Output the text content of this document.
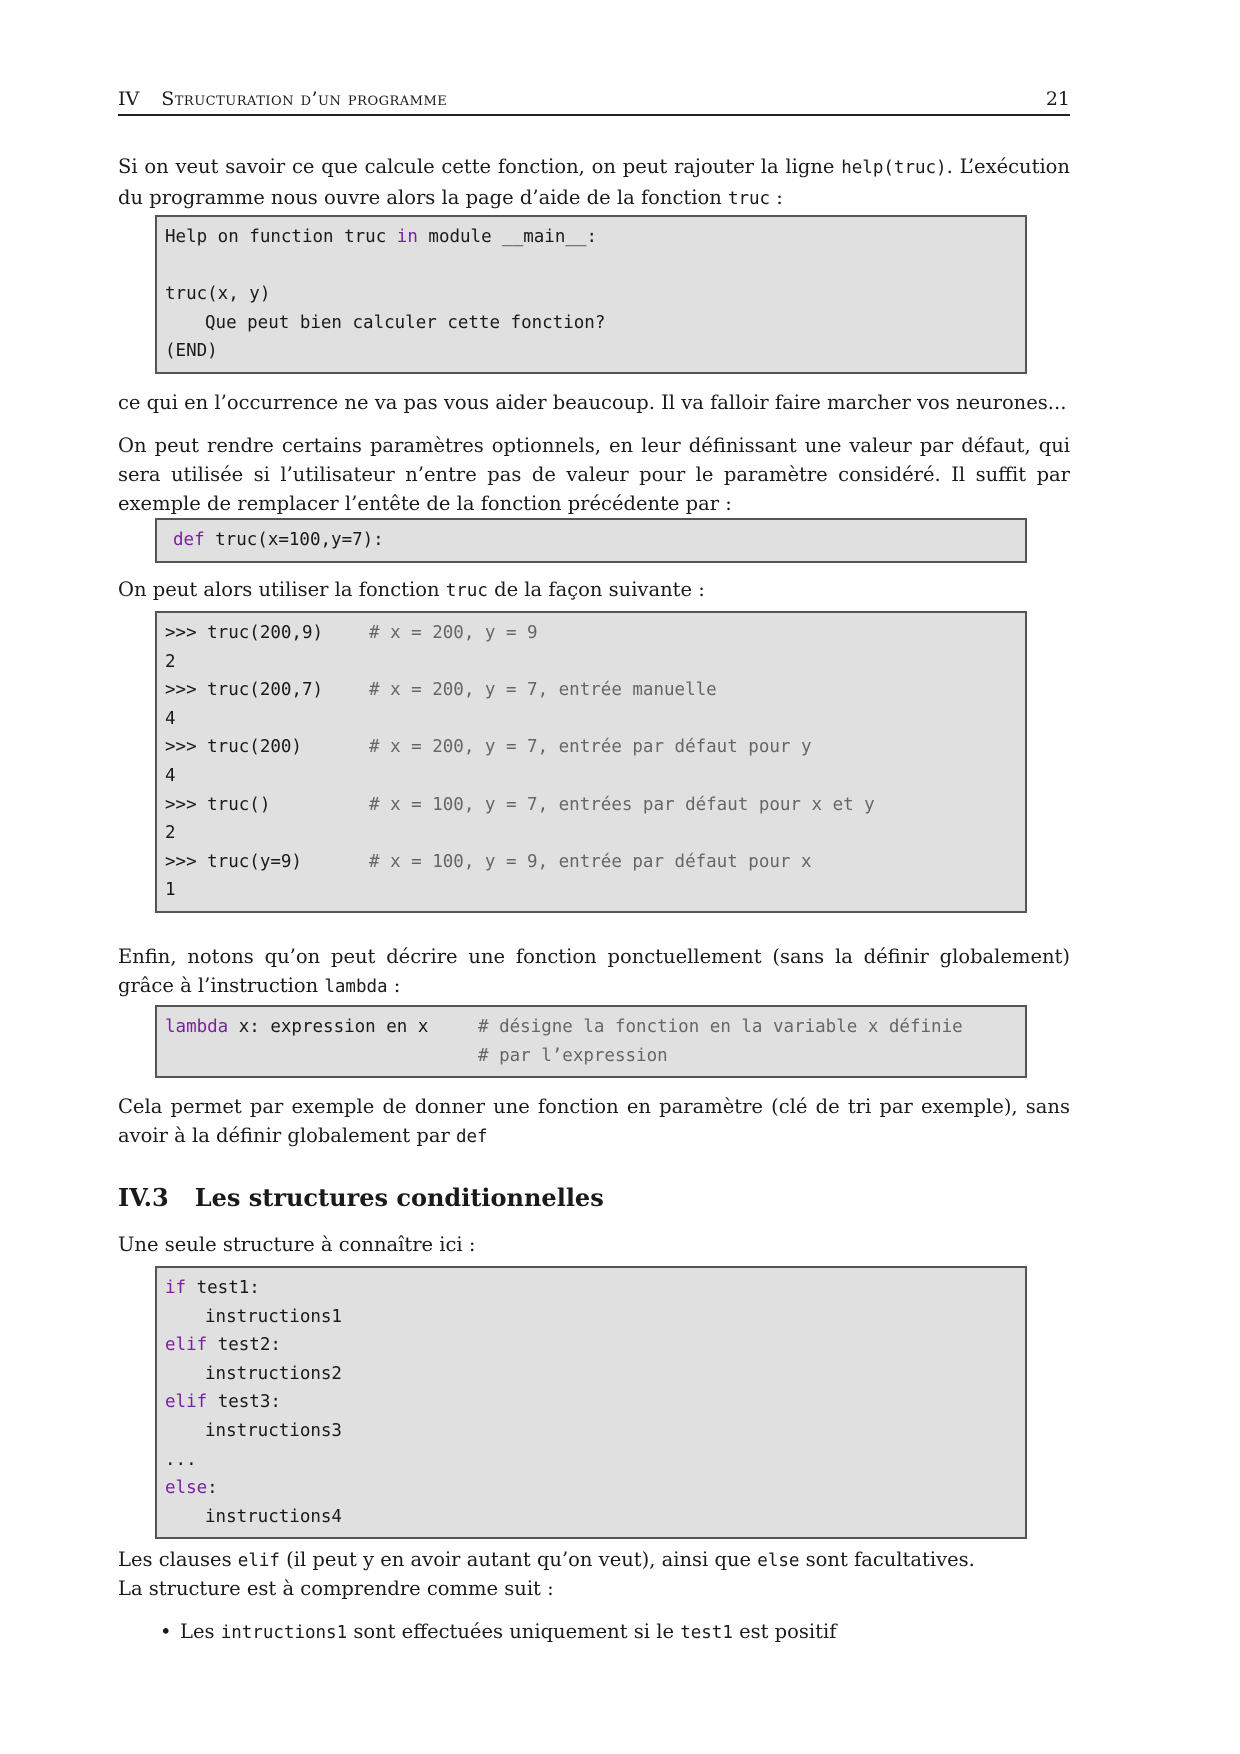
IV Structuration d’un programme	21

Si on veut savoir ce que calcule cette fonction, on peut rajouter la ligne help(truc). L’exécution du programme nous ouvre alors la page d’aide de la fonction truc :

Help on function truc in module __main__:
truc(x, y)
Que peut bien calculer cette fonction?
(END)

ce qui en l’occurrence ne va pas vous aider beaucoup. Il va falloir faire marcher vos neurones...

On peut rendre certains paramètres optionnels, en leur définissant une valeur par défaut, qui sera utilisée si l’utilisateur n’entre pas de valeur pour le paramètre considéré. Il suffit par exemple de remplacer l’entête de la fonction précédente par :

def truc(x=100,y=7):

On peut alors utiliser la fonction truc de la façon suivante :

>>> truc(200,9)	# x = 200, y = 9
2
>>> truc(200,7)	# x = 200, y = 7, entrée manuelle
4
>>> truc(200)	# x = 200, y = 7, entrée par défaut pour y
4
>>> truc()	# x = 100, y = 7, entrées par défaut pour x et y
2
>>> truc(y=9)	# x = 100, y = 9, entrée par défaut pour x
1

Enfin, notons qu’on peut décrire une fonction ponctuellement (sans la définir globalement) grâce à l’instruction lambda :

lambda x: expression en x	# désigne la fonction en la variable x définie
# par l’expression

Cela permet par exemple de donner une fonction en paramètre (clé de tri par exemple), sans avoir à la définir globalement par def

IV.3 Les structures conditionnelles

Une seule structure à connaître ici :

if test1:
instructions1
elif test2:
instructions2
elif test3:
instructions3
...
else:
instructions4

Les clauses elif (il peut y en avoir autant qu’on veut), ainsi que else sont facultatives.

La structure est à comprendre comme suit :

• Les intructions1 sont effectuées uniquement si le test1 est positif
